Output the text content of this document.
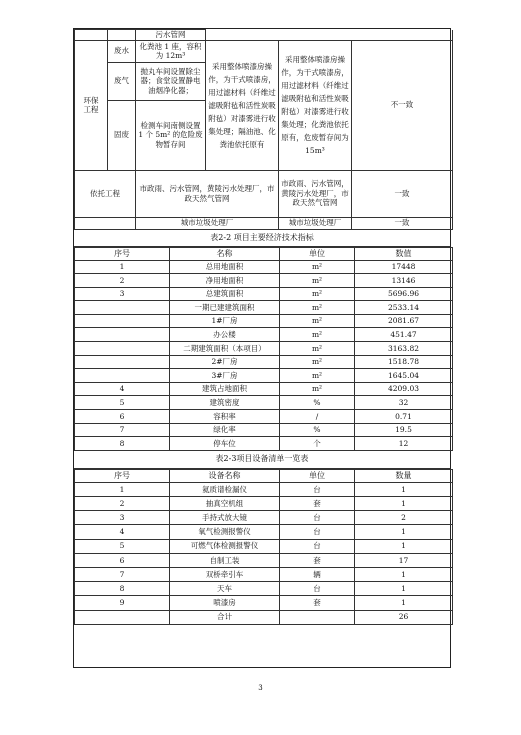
		污水管网			
环保
工程	废水	化粪池 1 座，容积为 12m³	采用整体喷漆房操作，为干式喷漆房，用过滤材料（纤维过滤吸附毡和活性炭吸附毡）对漆雾进行收集处理；隔油池、化粪池依托原有	采用整体喷漆房操作，为干式喷漆房，用过滤材料（纤维过滤吸附毡和活性炭吸附毡）对漆雾进行收集处理；化粪池依托原有，危废暂存间为 15m³	不一致
	废气	抛丸车间设置除尘器；食堂设置静电油烟净化器；			
	固废	检测车间南侧设置 1 个 5m² 的危险废物暂存间			
依托工程		市政雨、污水管网，黄陵污水处理厂，市政天然气管网		市政雨、污水管网，黄陵污水处理厂，市政天然气管网	一致
		城市垃圾处理厂		城市垃圾处理厂	一致
表2-2 项目主要经济技术指标
序号	名称	单位	数值
1	总用地面积	m²	17448
2	净用地面积	m²	13146
3	总建筑面积	m²	5696.96
	一期已建建筑面积	m²	2533.14
	1#厂房	m²	2081.67
	办公楼	m²	451.47
	二期建筑面积（本项目）	m²	3163.82
	2#厂房	m²	1518.78
	3#厂房	m²	1645.04
4	建筑占地面积	m²	4209.03
5	建筑密度	%	32
6	容积率	/	0.71
7	绿化率	%	19.5
8	停车位	个	12
表2-3项目设备清单一览表
序号	设备名称	单位	数量
1	氦质谱检漏仪	台	1
2	抽真空机组	套	1
3	手持式放大镜	台	2
4	氧气检测报警仪	台	1
5	可燃气体检测报警仪	台	1
6	自制工装	套	17
7	双桥牵引车	辆	1
8	天车	台	1
9	喷漆房	套	1
	合计		26
3
